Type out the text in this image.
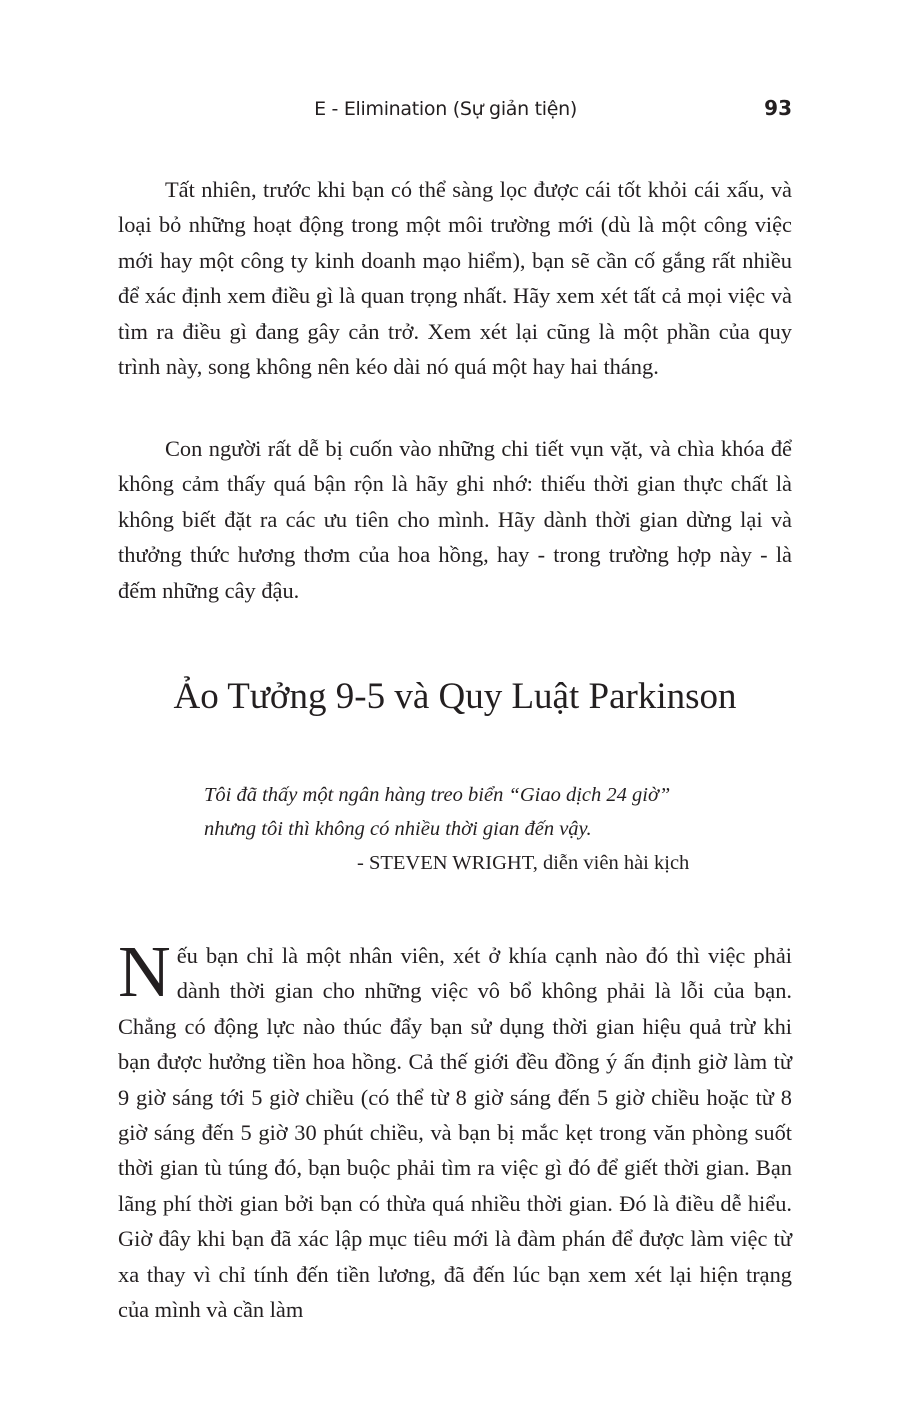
E - Elimination (Sự giản tiện)	93

Tất nhiên, trước khi bạn có thể sàng lọc được cái tốt khỏi cái xấu, và loại bỏ những hoạt động trong một môi trường mới (dù là một công việc mới hay một công ty kinh doanh mạo hiểm), bạn sẽ cần cố gắng rất nhiều để xác định xem điều gì là quan trọng nhất. Hãy xem xét tất cả mọi việc và tìm ra điều gì đang gây cản trở. Xem xét lại cũng là một phần của quy trình này, song không nên kéo dài nó quá một hay hai tháng.

Con người rất dễ bị cuốn vào những chi tiết vụn vặt, và chìa khóa để không cảm thấy quá bận rộn là hãy ghi nhớ: thiếu thời gian thực chất là không biết đặt ra các ưu tiên cho mình. Hãy dành thời gian dừng lại và thưởng thức hương thơm của hoa hồng, hay - trong trường hợp này - là đếm những cây đậu.

Ảo Tưởng 9-5 và Quy Luật Parkinson

Tôi đã thấy một ngân hàng treo biển “Giao dịch 24 giờ”

nhưng tôi thì không có nhiều thời gian đến vậy.

- STEVEN WRIGHT, diễn viên hài kịch

N ếu bạn chỉ là một nhân viên, xét ở khía cạnh nào đó thì việc phải dành thời gian cho những việc vô bổ không phải là lỗi của bạn. Chẳng có động lực nào thúc đẩy bạn sử dụng thời gian hiệu quả trừ khi bạn được hưởng tiền hoa hồng. Cả thế giới đều đồng ý ấn định giờ làm từ 9 giờ sáng tới 5 giờ chiều (có thể từ 8 giờ sáng đến 5 giờ chiều hoặc từ 8 giờ sáng đến 5 giờ 30 phút chiều, và bạn bị mắc kẹt trong văn phòng suốt thời gian tù túng đó, bạn buộc phải tìm ra việc gì đó để giết thời gian. Bạn lãng phí thời gian bởi bạn có thừa quá nhiều thời gian. Đó là điều dễ hiểu. Giờ đây khi bạn đã xác lập mục tiêu mới là đàm phán để được làm việc từ xa thay vì chỉ tính đến tiền lương, đã đến lúc bạn xem xét lại hiện trạng của mình và cần làm
